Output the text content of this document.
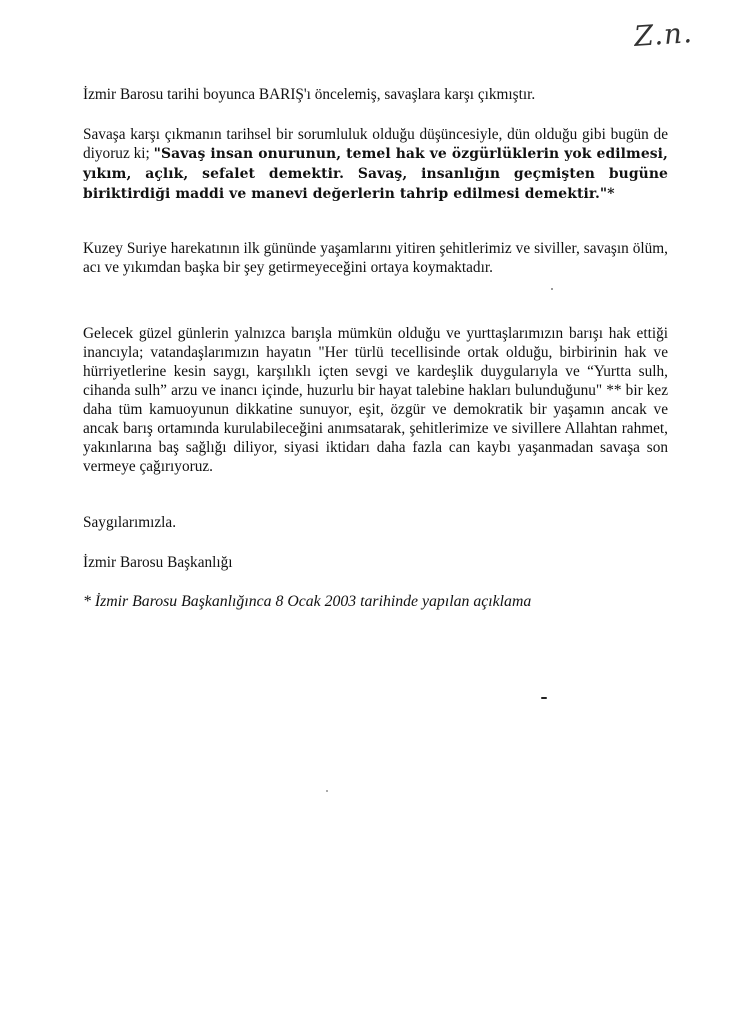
Z.n.
İzmir Barosu tarihi boyunca BARIŞ'ı öncelemiş, savaşlara karşı çıkmıştır.
Savaşa karşı çıkmanın tarihsel bir sorumluluk olduğu düşüncesiyle, dün olduğu gibi bugün de diyoruz ki; "Savaş insan onurunun, temel hak ve özgürlüklerin yok edilmesi, yıkım, açlık, sefalet demektir. Savaş, insanlığın geçmişten bugüne biriktirdiği maddi ve manevi değerlerin tahrip edilmesi demektir."*
Kuzey Suriye harekatının ilk gününde yaşamlarını yitiren şehitlerimiz ve siviller, savaşın ölüm, acı ve yıkımdan başka bir şey getirmeyeceğini ortaya koymaktadır.
Gelecek güzel günlerin yalnızca barışla mümkün olduğu ve yurttaşlarımızın barışı hak ettiği inancıyla; vatandaşlarımızın hayatın "Her türlü tecellisinde ortak olduğu, birbirinin hak ve hürriyetlerine kesin saygı, karşılıklı içten sevgi ve kardeşlik duygularıyla ve “Yurtta sulh, cihanda sulh” arzu ve inancı içinde, huzurlu bir hayat talebine hakları bulunduğunu" ** bir kez daha tüm kamuoyunun dikkatine sunuyor, eşit, özgür ve demokratik bir yaşamın ancak ve ancak barış ortamında kurulabileceğini anımsatarak, şehitlerimize ve sivillere Allahtan rahmet, yakınlarına baş sağlığı diliyor, siyasi iktidarı daha fazla can kaybı yaşanmadan savaşa son vermeye çağırıyoruz.
Saygılarımızla.
İzmir Barosu Başkanlığı
* İzmir Barosu Başkanlığınca 8 Ocak 2003 tarihinde yapılan açıklama
